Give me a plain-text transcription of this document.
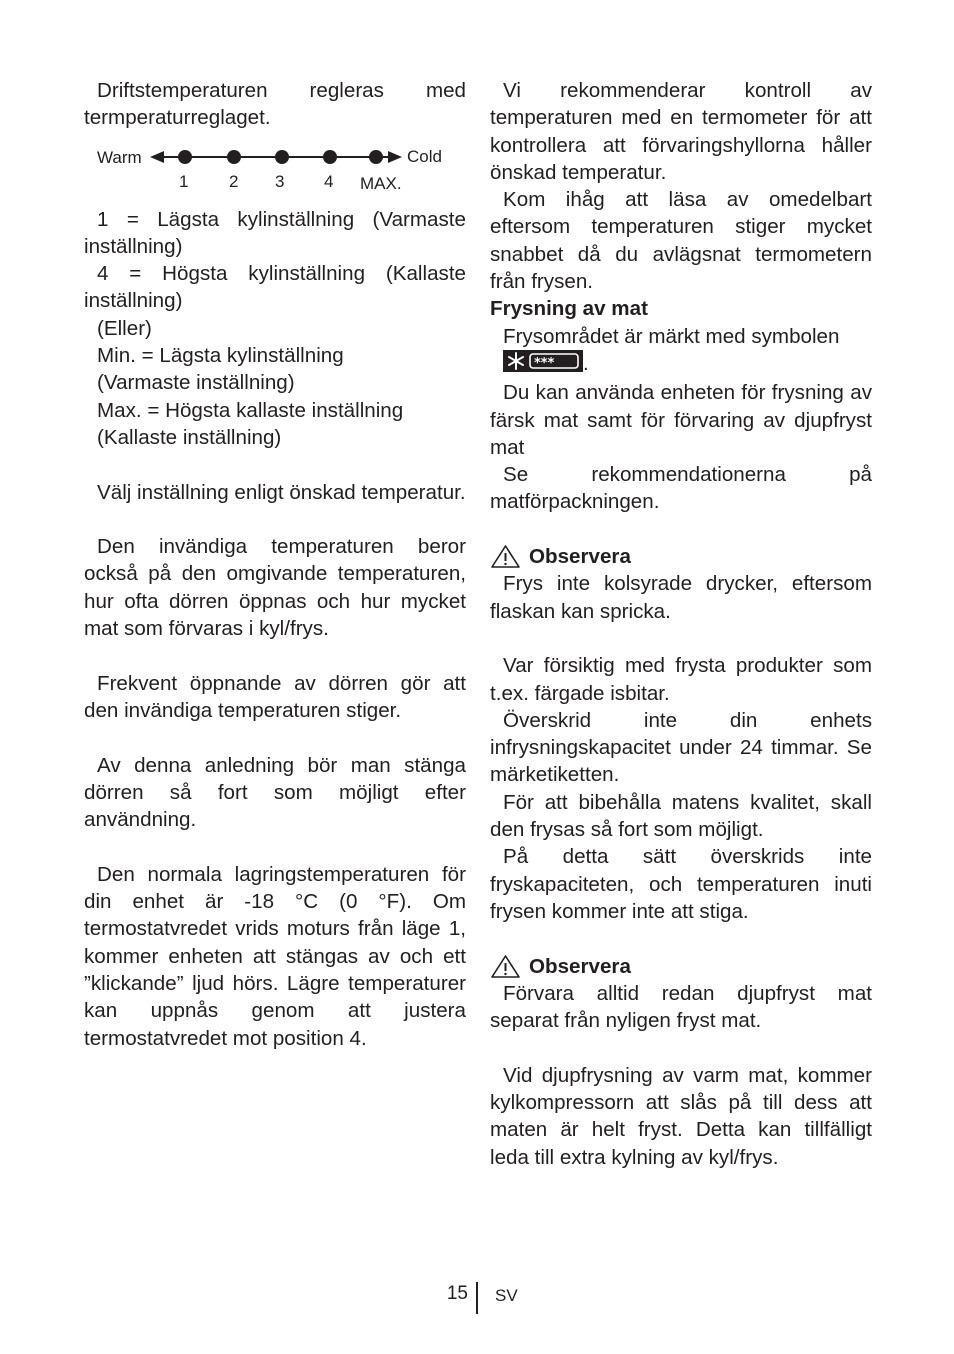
Driftstemperaturen regleras med termperaturreglaget.

Warm	Cold
1 2 3 4 MAX.

1 = Lägsta kylinställning (Varmaste inställning)

4 = Högsta kylinställning (Kallaste inställning)

(Eller)

Min. = Lägsta kylinställning

(Varmaste inställning)

Max. = Högsta kallaste inställning

(Kallaste inställning)

Välj inställning enligt önskad temperatur.

Den invändiga temperaturen beror också på den omgivande temperaturen, hur ofta dörren öppnas och hur mycket mat som förvaras i kyl/frys.

Frekvent öppnande av dörren gör att den invändiga temperaturen stiger.

Av denna anledning bör man stänga dörren så fort som möjligt efter användning.

Den normala lagringstemperaturen för din enhet är -18 °C (0 °F). Om termostatvredet vrids moturs från läge 1, kommer enheten att stängas av och ett ”klickande” ljud hörs. Lägre temperaturer kan uppnås genom att justera termostatvredet mot position 4.

Vi rekommenderar kontroll av temperaturen med en termometer för att kontrollera att förvaringshyllorna håller önskad temperatur.

Kom ihåg att läsa av omedelbart eftersom temperaturen stiger mycket snabbet då du avlägsnat termometern från frysen.

Frysning av mat

Frysområdet är märkt med symbolen

*** .

Du kan använda enheten för frysning av färsk mat samt för förvaring av djupfryst mat

Se rekommendationerna på matförpackningen.

Observera

Frys inte kolsyrade drycker, eftersom flaskan kan spricka.

Var försiktig med frysta produkter som t.ex. färgade isbitar.

Överskrid inte din enhets infrysningskapacitet under 24 timmar. Se märketiketten.

För att bibehålla matens kvalitet, skall den frysas så fort som möjligt.

På detta sätt överskrids inte fryskapaciteten, och temperaturen inuti frysen kommer inte att stiga.

Observera

Förvara alltid redan djupfryst mat separat från nyligen fryst mat.

Vid djupfrysning av varm mat, kommer kylkompressorn att slås på till dess att maten är helt fryst. Detta kan tillfälligt leda till extra kylning av kyl/frys.

15 SV
